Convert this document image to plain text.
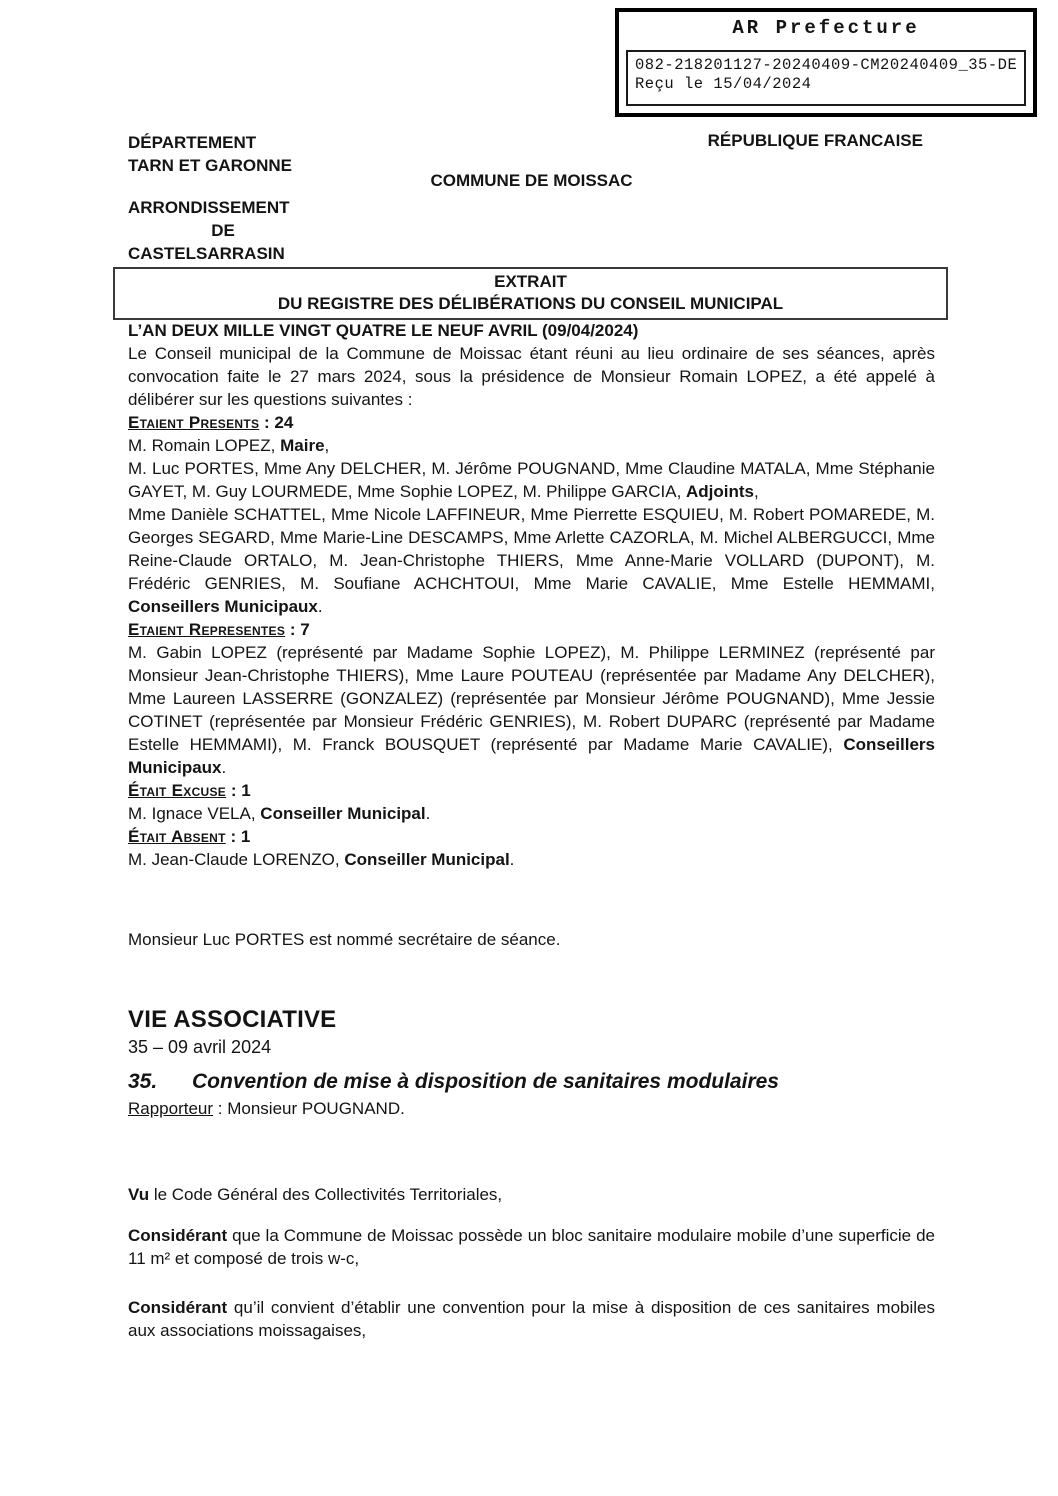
AR Prefecture
082-218201127-20240409-CM20240409_35-DE
Reçu le 15/04/2024
DÉPARTEMENT
TARN ET GARONNE
RÉPUBLIQUE FRANCAISE
COMMUNE DE MOISSAC
ARRONDISSEMENT
DE
CASTELSARRASIN
EXTRAIT
DU REGISTRE DES DÉLIBÉRATIONS DU CONSEIL MUNICIPAL

L’AN DEUX MILLE VINGT QUATRE LE NEUF AVRIL (09/04/2024)

Le Conseil municipal de la Commune de Moissac étant réuni au lieu ordinaire de ses séances, après convocation faite le 27 mars 2024, sous la présidence de Monsieur Romain LOPEZ, a été appelé à délibérer sur les questions suivantes :

Etaient Presents : 24

M. Romain LOPEZ, Maire,

M. Luc PORTES, Mme Any DELCHER, M. Jérôme POUGNAND, Mme Claudine MATALA, Mme Stéphanie GAYET, M. Guy LOURMEDE, Mme Sophie LOPEZ, M. Philippe GARCIA, Adjoints,

Mme Danièle SCHATTEL, Mme Nicole LAFFINEUR, Mme Pierrette ESQUIEU, M. Robert POMAREDE, M. Georges SEGARD, Mme Marie-Line DESCAMPS, Mme Arlette CAZORLA, M. Michel ALBERGUCCI, Mme Reine-Claude ORTALO, M. Jean-Christophe THIERS, Mme Anne-Marie VOLLARD (DUPONT), M. Frédéric GENRIES, M. Soufiane ACHCHTOUI, Mme Marie CAVALIE, Mme Estelle HEMMAMI, Conseillers Municipaux.

Etaient Representes : 7

M. Gabin LOPEZ (représenté par Madame Sophie LOPEZ), M. Philippe LERMINEZ (représenté par Monsieur Jean-Christophe THIERS), Mme Laure POUTEAU (représentée par Madame Any DELCHER), Mme Laureen LASSERRE (GONZALEZ) (représentée par Monsieur Jérôme POUGNAND), Mme Jessie COTINET (représentée par Monsieur Frédéric GENRIES), M. Robert DUPARC (représenté par Madame Estelle HEMMAMI), M. Franck BOUSQUET (représenté par Madame Marie CAVALIE), Conseillers Municipaux.

Était Excuse : 1

M. Ignace VELA, Conseiller Municipal.

Était Absent : 1

M. Jean-Claude LORENZO, Conseiller Municipal.

Monsieur Luc PORTES est nommé secrétaire de séance.

VIE ASSOCIATIVE

35 – 09 avril 2024

35.	Convention de mise à disposition de sanitaires modulaires

Rapporteur : Monsieur POUGNAND.

Vu le Code Général des Collectivités Territoriales,

Considérant que la Commune de Moissac possède un bloc sanitaire modulaire mobile d’une superficie de 11 m² et composé de trois w-c,

Considérant qu’il convient d’établir une convention pour la mise à disposition de ces sanitaires mobiles aux associations moissagaises,
